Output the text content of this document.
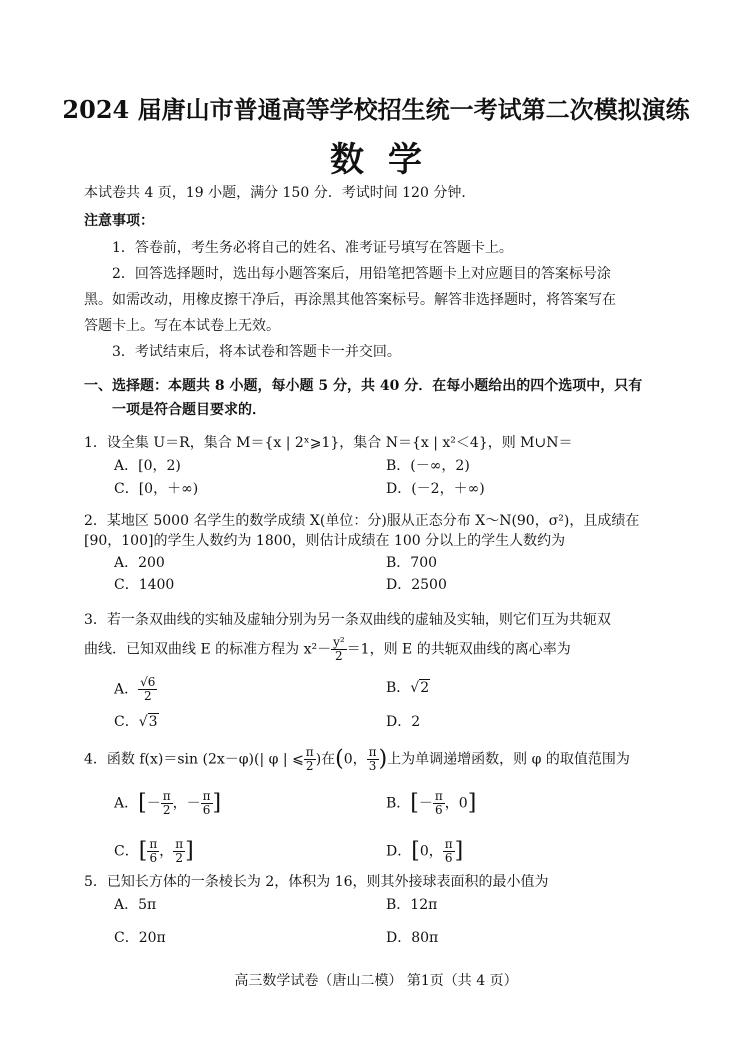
2024 届唐山市普通高等学校招生统一考试第二次模拟演练
数学
本试卷共 4 页，19 小题，满分 150 分．考试时间 120 分钟．
注意事项：
1．答卷前，考生务必将自己的姓名、准考证号填写在答题卡上。
2．回答选择题时，选出每小题答案后，用铅笔把答题卡上对应题目的答案标号涂
黑。如需改动，用橡皮擦干净后，再涂黑其他答案标号。解答非选择题时，将答案写在
答题卡上。写在本试卷上无效。
3．考试结束后，将本试卷和答题卡一并交回。
一、选择题：本题共 8 小题，每小题 5 分，共 40 分．在每小题给出的四个选项中，只有
一项是符合题目要求的．
1．设全集 U＝R，集合 M＝{x | 2ˣ⩾1}，集合 N＝{x | x²＜4}，则 M∪N＝
A．[0，2)	B．(－∞，2)
C．[0，＋∞)	D．(－2，＋∞)
2．某地区 5000 名学生的数学成绩 X(单位：分)服从正态分布 X～N(90，σ²)，且成绩在
[90，100]的学生人数约为 1800，则估计成绩在 100 分以上的学生人数约为
A．200	B．700
C．1400	D．2500
3．若一条双曲线的实轴及虚轴分别为另一条双曲线的虚轴及实轴，则它们互为共轭双
曲线．已知双曲线 E 的标准方程为 $x^2- \frac{\text{y²}}{2} =1$，则 E 的共轭双曲线的离心率为
A． $\frac{√6}{2}$	B．√2
C．√3	D．2
4．函数 f(x)＝sin (2x－φ)(| φ | ⩽ $\frac{\pi}{2}$ )在(0， $\frac{\pi}{3}$ )上为单调递增函数，则 φ 的取值范围为
A．[－ $\frac{\pi}{2}$ ，－ $\frac{\pi}{6}$ ]	B．[－ $\frac{\pi}{6}$ ，0]
C．[ $\frac{\pi}{6}$ ， $\frac{\pi}{2}$ ]	D．[0， $\frac{\pi}{6}$ ]
5．已知长方体的一条棱长为 2，体积为 16，则其外接球表面积的最小值为
A．5π	B．12π
C．20π	D．80π
高三数学试卷（唐山二模） 第1页（共 4 页）
